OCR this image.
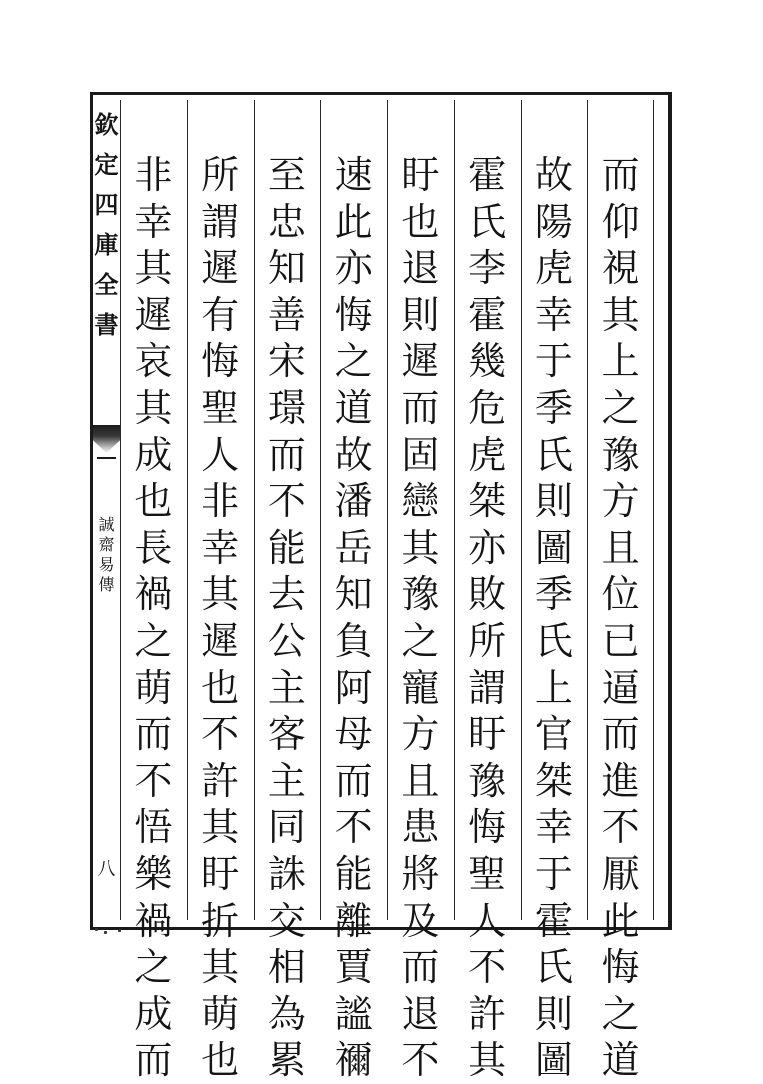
欽
定
四
庫
全
書
誠
齋
易
傳
八
而
仰
視
其
上
之
豫
方
且
位
已
逼
而
進
不
厭
此
悔
之
道
故
陽
虎
幸
于
季
氏
則
圖
季
氏
上
官
桀
幸
于
霍
氏
則
圖
霍
氏
李
霍
幾
危
虎
桀
亦
敗
所
謂
盱
豫
悔
聖
人
不
許
其
盱
也
退
則
遲
而
固
戀
其
豫
之
寵
方
且
患
將
及
而
退
不
速
此
亦
悔
之
道
故
潘
岳
知
負
阿
母
而
不
能
離
賈
謐
禰
至
忠
知
善
宋
璟
而
不
能
去
公
主
客
主
同
誅
交
相
為
累
所
謂
遲
有
悔
聖
人
非
幸
其
遲
也
不
許
其
盱
折
其
萌
也
非
幸
其
遲
哀
其
成
也
長
禍
之
萌
而
不
悟
樂
禍
之
成
而
